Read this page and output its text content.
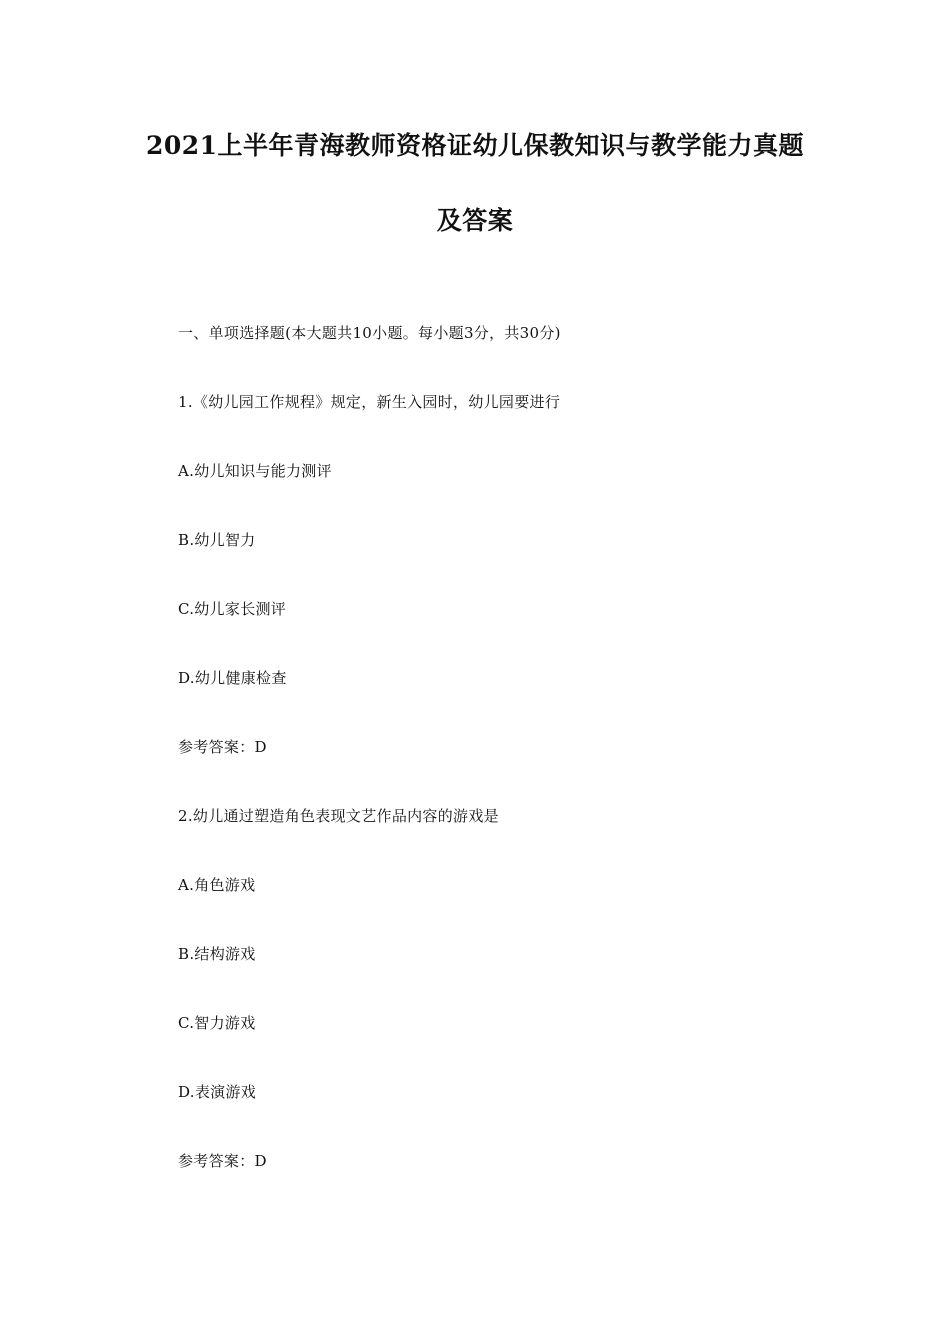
2021上半年青海教师资格证幼儿保教知识与教学能力真题
及答案
一、单项选择题(本大题共10小题。每小题3分，共30分)
1.《幼儿园工作规程》规定，新生入园时，幼儿园要进行
A.幼儿知识与能力测评
B.幼儿智力
C.幼儿家长测评
D.幼儿健康检查
参考答案：D
2.幼儿通过塑造角色表现文艺作品内容的游戏是
A.角色游戏
B.结构游戏
C.智力游戏
D.表演游戏
参考答案：D
